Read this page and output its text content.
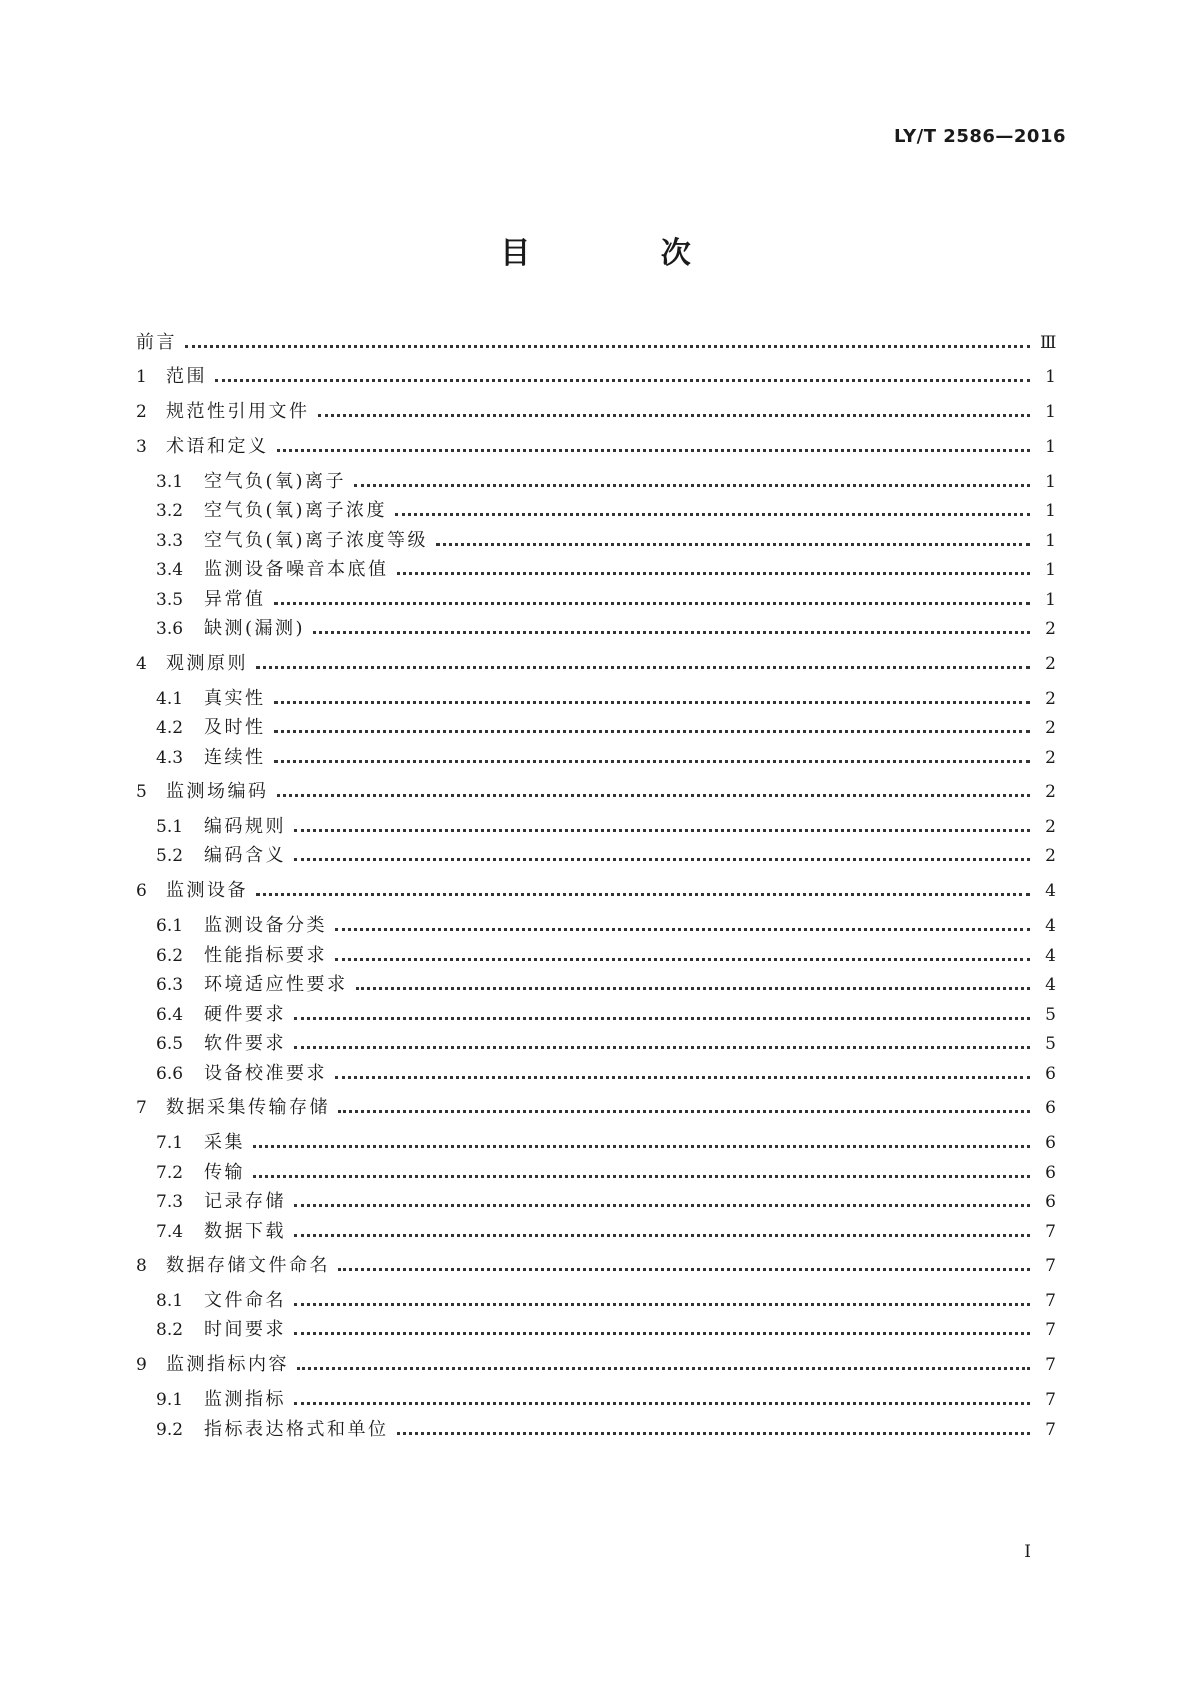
LY/T 2586—2016
目 次
前言	Ⅲ
1	范围	1
2	规范性引用文件	1
3	术语和定义	1
3.1	空气负(氧)离子	1
3.2	空气负(氧)离子浓度	1
3.3	空气负(氧)离子浓度等级	1
3.4	监测设备噪音本底值	1
3.5	异常值	1
3.6	缺测(漏测)	2
4	观测原则	2
4.1	真实性	2
4.2	及时性	2
4.3	连续性	2
5	监测场编码	2
5.1	编码规则	2
5.2	编码含义	2
6	监测设备	4
6.1	监测设备分类	4
6.2	性能指标要求	4
6.3	环境适应性要求	4
6.4	硬件要求	5
6.5	软件要求	5
6.6	设备校准要求	6
7	数据采集传输存储	6
7.1	采集	6
7.2	传输	6
7.3	记录存储	6
7.4	数据下载	7
8	数据存储文件命名	7
8.1	文件命名	7
8.2	时间要求	7
9	监测指标内容	7
9.1	监测指标	7
9.2	指标表达格式和单位	7
I
